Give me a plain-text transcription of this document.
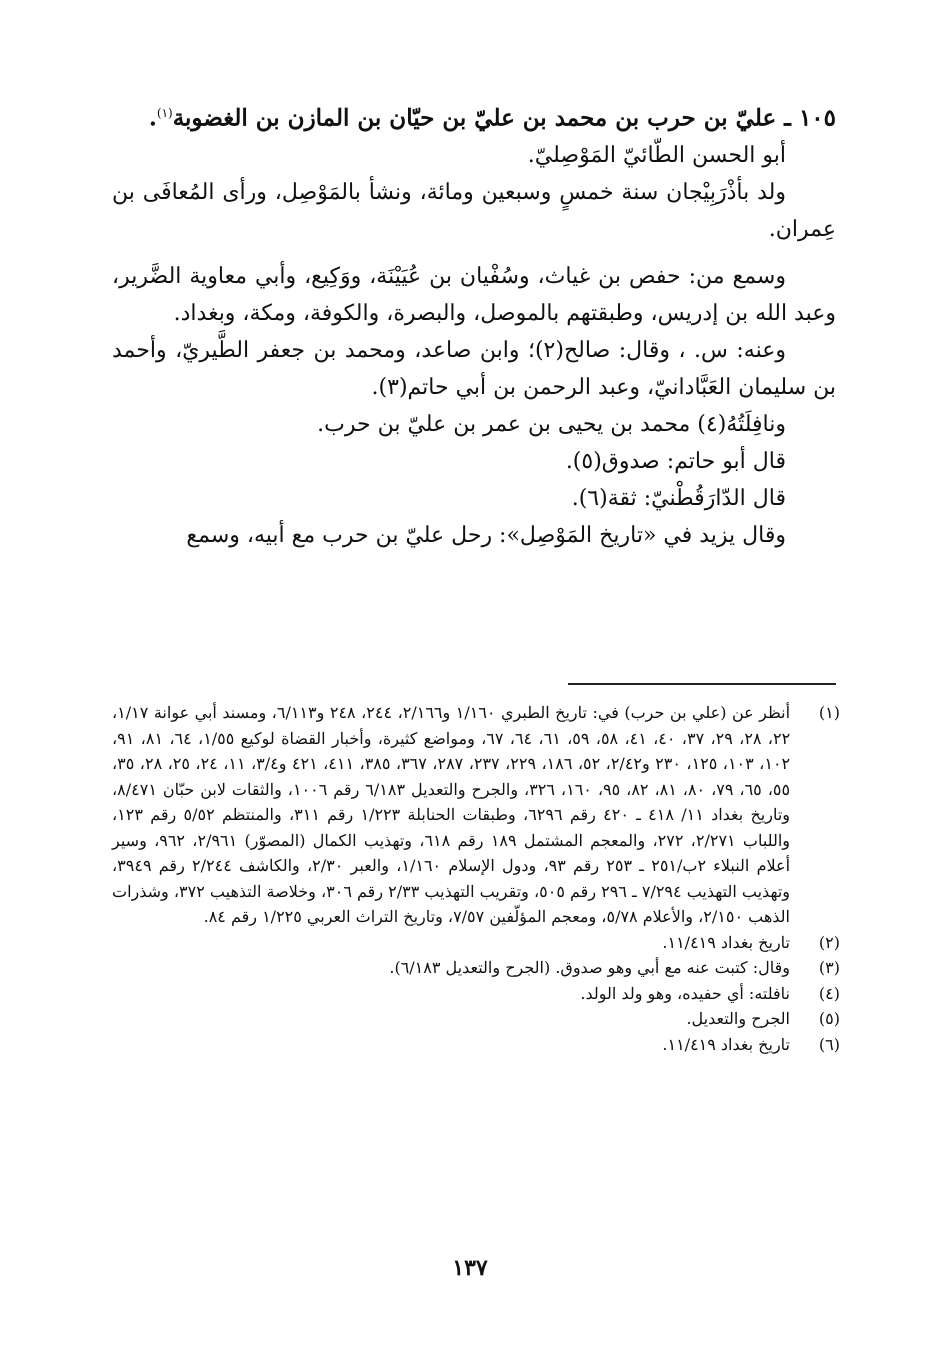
١٠٥ ـ عليّ بن حرب بن محمد بن عليّ بن حيّان بن المازن بن الغضوبة$^{(١)}$.

أبو الحسن الطّائيّ المَوْصِليّ.

ولد بأذْرَبِيْجان سنة خمسٍ وسبعين ومائة، ونشأ بالمَوْصِل، ورأى المُعافَى بن عِمران.

وسمع من: حفص بن غياث، وسُفْيان بن عُيَيْنَة، ووَكِيع، وأبي معاوية الضَّرير، وعبد الله بن إدريس، وطبقتهم بالموصل، والبصرة، والكوفة، ومكة، وبغداد.

وعنه: س. ، وقال: صالح(٢)؛ وابن صاعد، ومحمد بن جعفر الطَّيريّ، وأحمد بن سليمان العَبَّادانيّ، وعبد الرحمن بن أبي حاتم(٣).

ونافِلَتُهُ(٤) محمد بن يحيى بن عمر بن عليّ بن حرب.

قال أبو حاتم: صدوق(٥).

قال الدّارَقُطْنيّ: ثقة(٦).

وقال يزيد في «تاريخ المَوْصِل»: رحل عليّ بن حرب مع أبيه، وسمع

(١)
أنظر عن (علي بن حرب) في: تاريخ الطبري ١/١٦٠ و٢/١٦٦، ٢٤٤، ٢٤٨ و٦/١١٣، ومسند أبي عوانة ١/١٧، ٢٢، ٢٨، ٢٩، ٣٧، ٤٠، ٤١، ٥٨، ٥٩، ٦١، ٦٤، ٦٧، ومواضع كثيرة، وأخبار القضاة لوكيع ١/٥٥، ٦٤، ٨١، ٩١، ١٠٢، ١٠٣، ١٢٥، ٢٣٠ و٢/٤٢، ٥٢، ١٨٦، ٢٢٩، ٢٣٧، ٢٨٧، ٣٦٧، ٣٨٥، ٤١١، ٤٢١ و٣/٤، ١١، ٢٤، ٢٥، ٢٨، ٣٥، ٥٥، ٦٥، ٧٩، ٨٠، ٨١، ٨٢، ٩٥، ١٦٠، ٣٢٦، والجرح والتعديل ٦/١٨٣ رقم ١٠٠٦، والثقات لابن حبّان ٨/٤٧١، وتاريخ بغداد ١١/ ٤١٨ ـ ٤٢٠ رقم ٦٢٩٦، وطبقات الحنابلة ١/٢٢٣ رقم ٣١١، والمنتظم ٥/٥٢ رقم ١٢٣، واللباب ٢/٢٧١، ٢٧٢، والمعجم المشتمل ١٨٩ رقم ٦١٨، وتهذيب الكمال (المصوّر) ٢/٩٦١، ٩٦٢، وسير أعلام النبلاء ٢ب/٢٥١ ـ ٢٥٣ رقم ٩٣، ودول الإسلام ١/١٦٠، والعبر ٢/٣٠، والكاشف ٢/٢٤٤ رقم ٣٩٤٩، وتهذيب التهذيب ٧/٢٩٤ ـ ٢٩٦ رقم ٥٠٥، وتقريب التهذيب ٢/٣٣ رقم ٣٠٦، وخلاصة التذهيب ٣٧٢، وشذرات الذهب ٢/١٥٠، والأعلام ٥/٧٨، ومعجم المؤلّفين ٧/٥٧، وتاريخ التراث العربي ١/٢٢٥ رقم ٨٤.
(٢)
تاريخ بغداد ١١/٤١٩.
(٣)
وقال: كتبت عنه مع أبي وهو صدوق. (الجرح والتعديل ٦/١٨٣).
(٤)
نافلته: أي حفيده، وهو ولد الولد.
(٥)
الجرح والتعديل.
(٦)
تاريخ بغداد ١١/٤١٩.
١٣٧
